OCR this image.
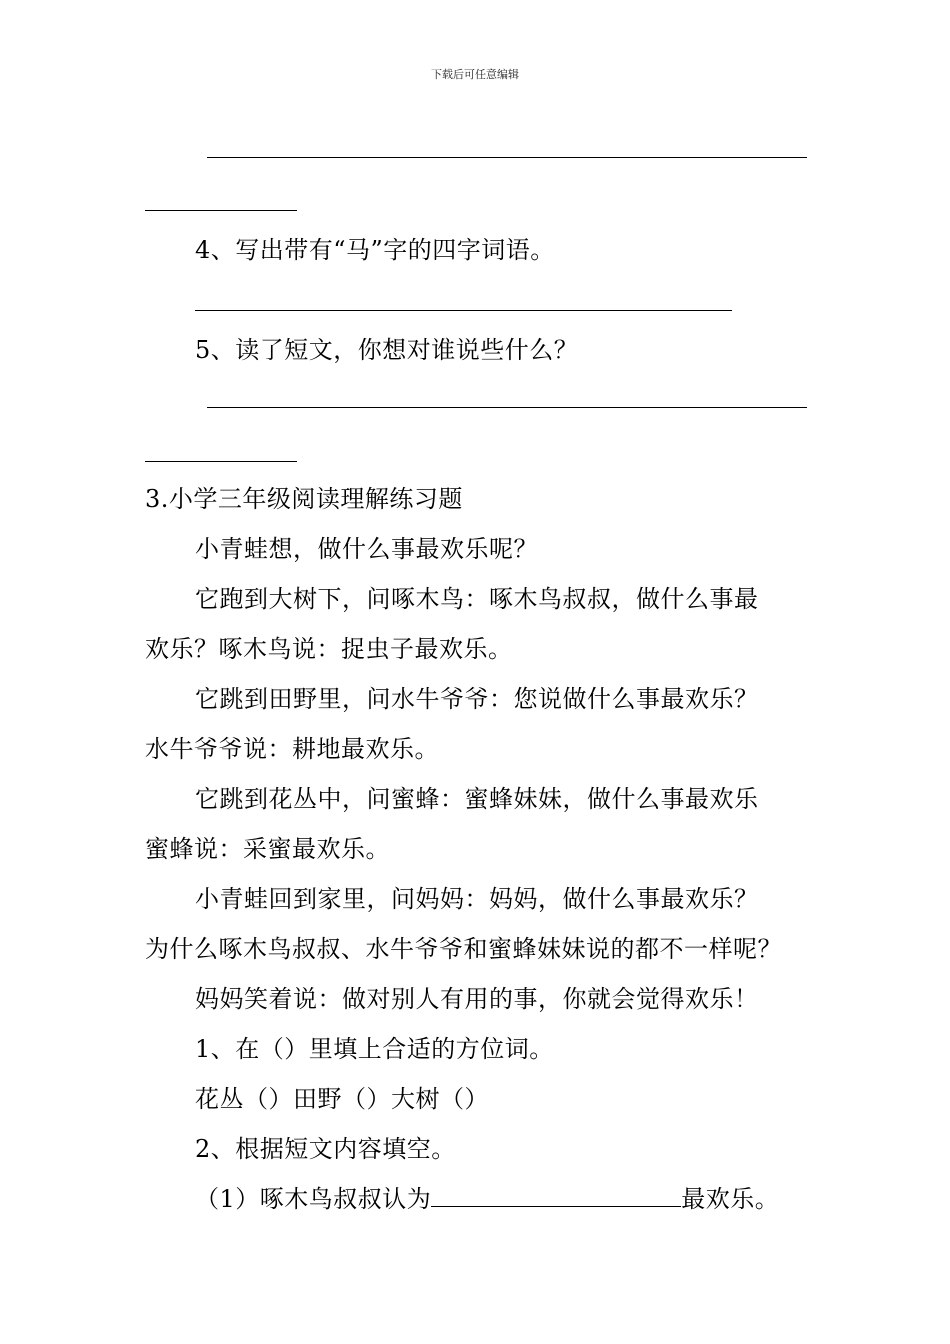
下载后可任意编辑
4、写出带有“马”字的四字词语。
5、读了短文，你想对谁说些什么？
3.小学三年级阅读理解练习题
小青蛙想，做什么事最欢乐呢？
它跑到大树下，问啄木鸟：啄木鸟叔叔，做什么事最
欢乐？啄木鸟说：捉虫子最欢乐。
它跳到田野里，问水牛爷爷：您说做什么事最欢乐？
水牛爷爷说：耕地最欢乐。
它跳到花丛中，问蜜蜂：蜜蜂妹妹，做什么事最欢乐
蜜蜂说：采蜜最欢乐。
小青蛙回到家里，问妈妈：妈妈，做什么事最欢乐？
为什么啄木鸟叔叔、水牛爷爷和蜜蜂妹妹说的都不一样呢？
妈妈笑着说：做对别人有用的事，你就会觉得欢乐！
1、在（）里填上合适的方位词。
花丛（）田野（）大树（）
2、根据短文内容填空。
（1）啄木鸟叔叔认为	最欢乐。
